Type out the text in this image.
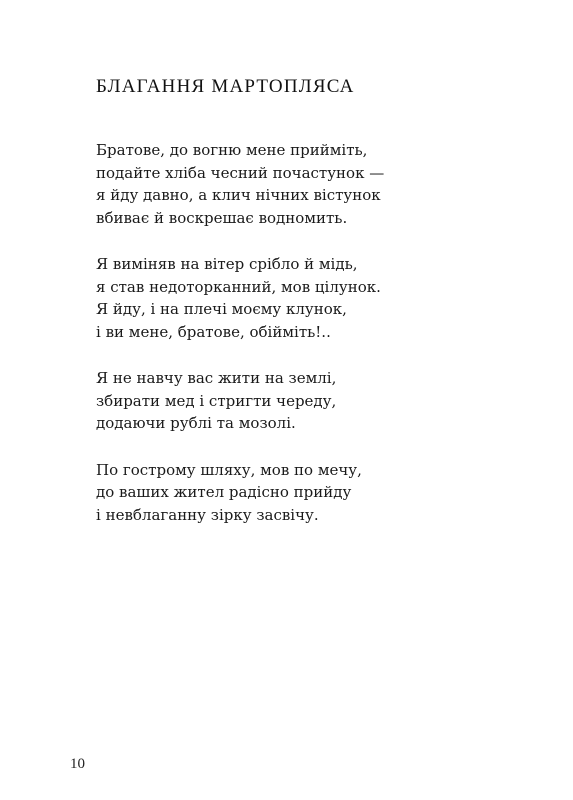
БЛАГАННЯ МАРТОПЛЯСА
Братове, до вогню мене прийміть,
подайте хліба чесний почастунок —
я йду давно, а клич нічних вістунок
вбиває й воскрешає водномить.
Я виміняв на вітер срібло й мідь,
я став недоторканний, мов цілунок.
Я йду, і на плечі моєму клунок,
і ви мене, братове, обійміть!..
Я не навчу вас жити на землі,
збирати мед і стригти череду,
додаючи рублі та мозолі.
По гострому шляху, мов по мечу,
до ваших жител радісно прийду
і невблаганну зірку засвічу.
10
